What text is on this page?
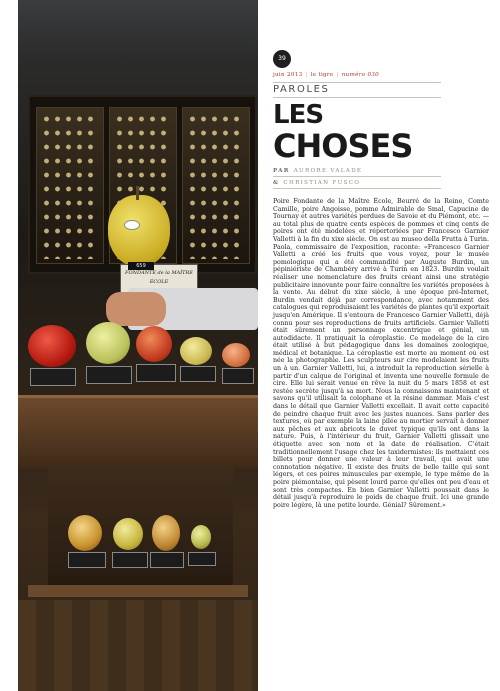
FONDANTE de la MAÎTRE ÉCOLE
659
39
juin 2013 | le tigre | numéro 030
PAROLES
LES
CHOSES
PAR AURORE VALADE
& CHRISTIAN FUSCO

Poire Fondante de la Maître École, Beurré de la Reine, Comte Camille, poire Angoisse, pomme Admirable de Smal, Capucine de Tournay et autres variétés perdues de Savoie et du Piémont, etc. — au total plus de quatre cents espèces de pommes et cinq cents de poires ont été modelées et répertoriées par Francesco Garnier Valletti à la fin du xixe siècle. On est au museo della Frutta à Turin. Paola, commissaire de l'exposition, raconte: «Francesco Garnier Valletti a créé les fruits que vous voyez, pour le musée pomologique qui a été commandité par Auguste Burdin, un pépiniériste de Chambéry arrivé à Turin en 1823. Burdin voulait réaliser une nomenclature des fruits créant ainsi une stratégie publicitaire innovante pour faire connaître les variétés proposées à la vente. Au début du xixe siècle, à une époque pré-Internet, Burdin vendait déjà par correspondance, avec notamment des catalogues qui reproduisaient les variétés de plantes qu'il exportait jusqu'en Amérique. Il s'entoura de Francesco Garnier Valletti, déjà connu pour ses reproductions de fruits artificiels. Garnier Valletti était sûrement un personnage excentrique et génial, un autodidacte. Il pratiquait la céroplastie. Ce modelage de la cire était utilisé à but pédagogique dans les domaines zoologique, médical et botanique. La céroplastie est morte au moment où est née la photographie. Les sculpteurs sur cire modelaient les fruits un à un. Garnier Valletti, lui, a introduit la reproduction sérielle à partir d'un calque de l'original et inventa une nouvelle formule de cire. Elle lui serait venue en rêve la nuit du 5 mars 1858 et est restée secrète jusqu'à sa mort. Nous la connaissons maintenant et savons qu'il utilisait la colophane et la résine dammar. Mais c'est dans le détail que Garnier Valletti excellait. Il avait cette capacité de peindre chaque fruit avec les justes nuances. Sans parler des textures, où par exemple la laine pilée au mortier servait à donner aux pêches et aux abricots le duvet typique qu'ils ont dans la nature. Puis, à l'intérieur du fruit, Garnier Valletti glissait une étiquette avec son nom et la date de réalisation. C'était traditionnellement l'usage chez les taxidermistes: ils mettaient ces billets pour donner une valeur à leur travail, qui avait une connotation négative. Il existe des fruits de belle taille qui sont légers, et ces poires minuscules par exemple, le type même de la poire piémontaise, qui pèsent lourd parce qu'elles ont peu d'eau et sont très compactes. En bien Garnier Valletti poussait dans le détail jusqu'à reproduire le poids de chaque fruit. Ici une grande poire légère, là une petite lourde. Génial? Sûrement.»
